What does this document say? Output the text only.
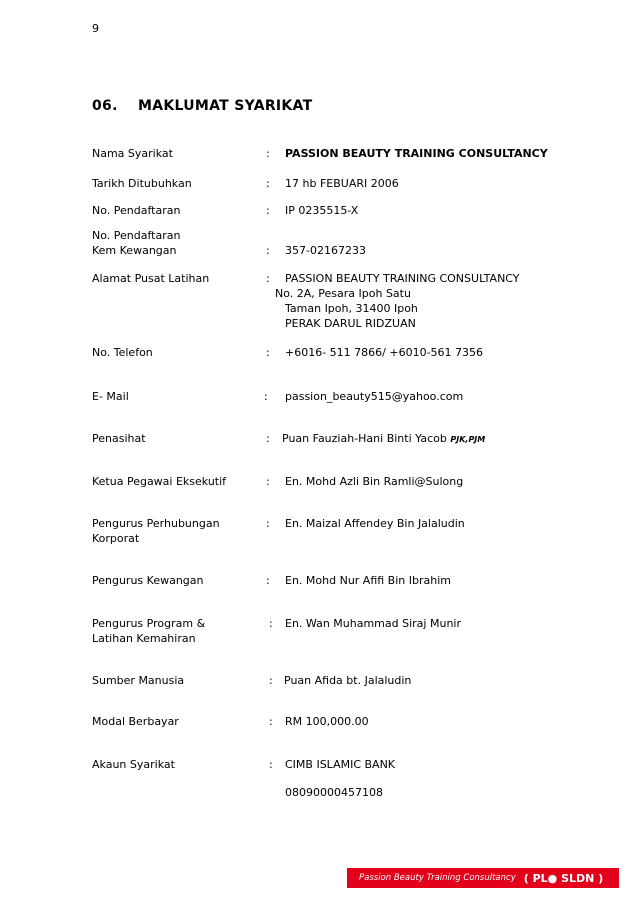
9
06. MAKLUMAT SYARIKAT
Nama Syarikat	: PASSION BEAUTY TRAINING CONSULTANCY
Tarikh Ditubuhkan	: 17 hb FEBUARI 2006
No. Pendaftaran	: IP 0235515-X
No. Pendaftaran
Kem Kewangan	: 357-02167233
Alamat Pusat Latihan	: PASSION BEAUTY TRAINING CONSULTANCY
No. 2A, Pesara Ipoh Satu
Taman Ipoh, 31400 Ipoh
PERAK DARUL RIDZUAN
No. Telefon	: +6016- 511 7866/ +6010-561 7356
E- Mail	: passion_beauty515@yahoo.com
Penasihat	: Puan Fauziah-Hani Binti Yacob PJK,PJM
Ketua Pegawai Eksekutif	: En. Mohd Azli Bin Ramli@Sulong
Pengurus Perhubungan
Korporat
: En. Maizal Affendey Bin Jalaludin
Pengurus Kewangan	: En. Mohd Nur Afifi Bin Ibrahim
Pengurus Program &
Latihan Kemahiran
: En. Wan Muhammad Siraj Munir
Sumber Manusia	: Puan Afida bt. Jalaludin
Modal Berbayar	: RM 100,000.00
Akaun Syarikat	: CIMB ISLAMIC BANK
08090000457108
Passion Beauty Training Consultancy ( PL● SLDN )
